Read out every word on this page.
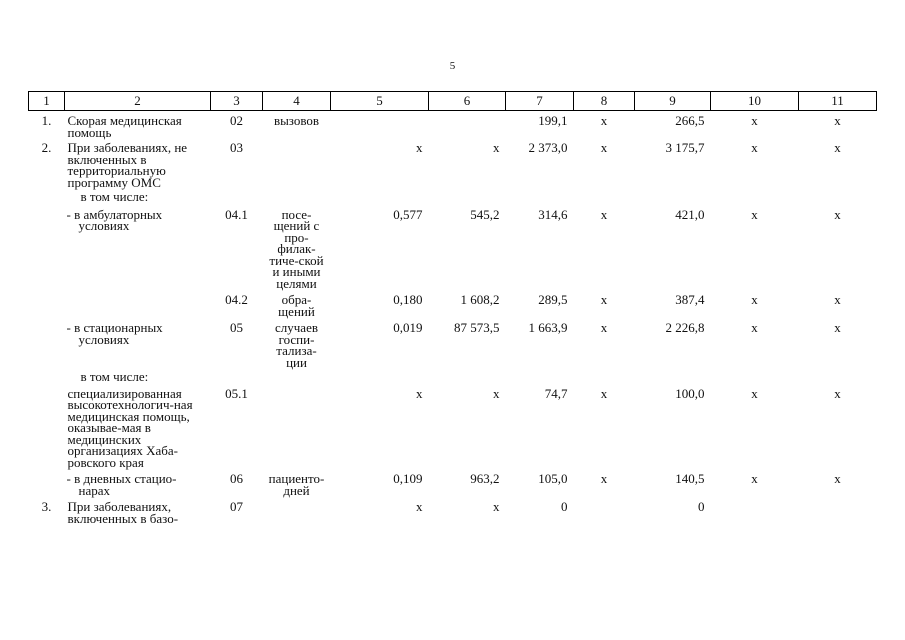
5
1	2	3	4	5	6	7	8	9	10	11
1.	Скорая медицинская помощь	02	вызовов			199,1	х	266,5	х	х
2.	При заболеваниях, не включенных в территориальную программу ОМС	03		х	х	2 373,0	х	3 175,7	х	х
	в том числе:									
	- в амбулаторных условиях	04.1	посе-щений с про-филак-тиче-ской и иными целями	0,577	545,2	314,6	х	421,0	х	х
		04.2	обра-щений	0,180	1 608,2	289,5	х	387,4	х	х
	- в стационарных условиях	05	случаев госпи-тализа-ции	0,019	87 573,5	1 663,9	х	2 226,8	х	х
	в том числе:									
	специализированная высокотехнологич-ная медицинская помощь, оказывае-мая в медицинских организациях Хаба-ровского края	05.1		х	х	74,7	х	100,0	х	х
	- в дневных стацио-нарах	06	пациенто-дней	0,109	963,2	105,0	х	140,5	х	х
3.	При заболеваниях, включенных в базо-	07		х	х	0		0		
